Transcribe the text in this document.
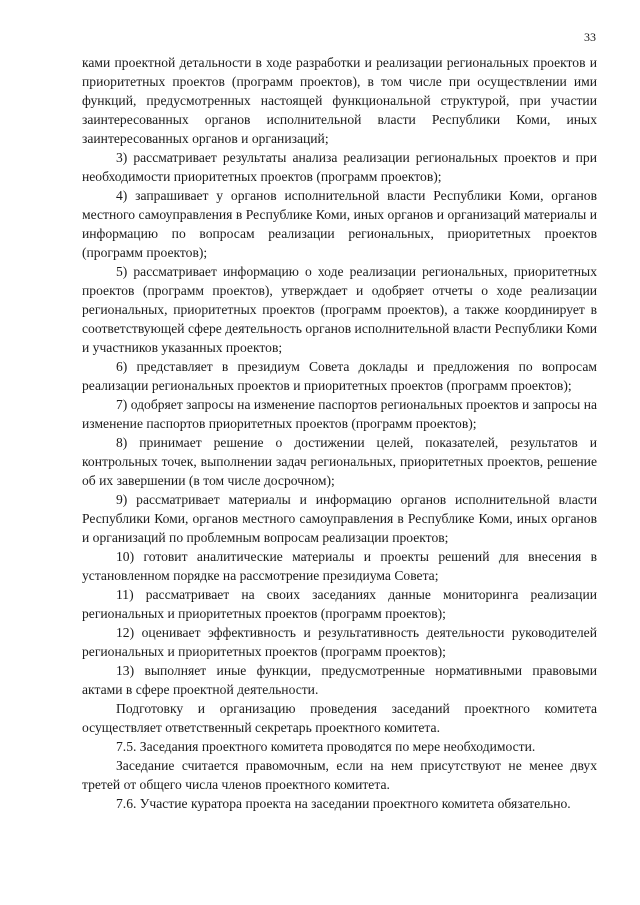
33

ками проектной детальности в ходе разработки и реализации региональных проектов и приоритетных проектов (программ проектов), в том числе при осуществлении ими функций, предусмотренных настоящей функциональной структурой, при участии заинтересованных органов исполнительной власти Республики Коми, иных заинтересованных органов и организаций;

3) рассматривает результаты анализа реализации региональных проектов и при необходимости приоритетных проектов (программ проектов);

4) запрашивает у органов исполнительной власти Республики Коми, органов местного самоуправления в Республике Коми, иных органов и организаций материалы и информацию по вопросам реализации региональных, приоритетных проектов (программ проектов);

5) рассматривает информацию о ходе реализации региональных, приоритетных проектов (программ проектов), утверждает и одобряет отчеты о ходе реализации региональных, приоритетных проектов (программ проектов), а также координирует в соответствующей сфере деятельность органов исполнительной власти Республики Коми и участников указанных проектов;

6) представляет в президиум Совета доклады и предложения по вопросам реализации региональных проектов и приоритетных проектов (программ проектов);

7) одобряет запросы на изменение паспортов региональных проектов и запросы на изменение паспортов приоритетных проектов (программ проектов);

8) принимает решение о достижении целей, показателей, результатов и контрольных точек, выполнении задач региональных, приоритетных проектов, решение об их завершении (в том числе досрочном);

9) рассматривает материалы и информацию органов исполнительной власти Республики Коми, органов местного самоуправления в Республике Коми, иных органов и организаций по проблемным вопросам реализации проектов;

10) готовит аналитические материалы и проекты решений для внесения в установленном порядке на рассмотрение президиума Совета;

11) рассматривает на своих заседаниях данные мониторинга реализации региональных и приоритетных проектов (программ проектов);

12) оценивает эффективность и результативность деятельности руководителей региональных и приоритетных проектов (программ проектов);

13) выполняет иные функции, предусмотренные нормативными правовыми актами в сфере проектной деятельности.

Подготовку и организацию проведения заседаний проектного комитета осуществляет ответственный секретарь проектного комитета.

7.5. Заседания проектного комитета проводятся по мере необходимости.

Заседание считается правомочным, если на нем присутствуют не менее двух третей от общего числа членов проектного комитета.

7.6. Участие куратора проекта на заседании проектного комитета обязательно.
